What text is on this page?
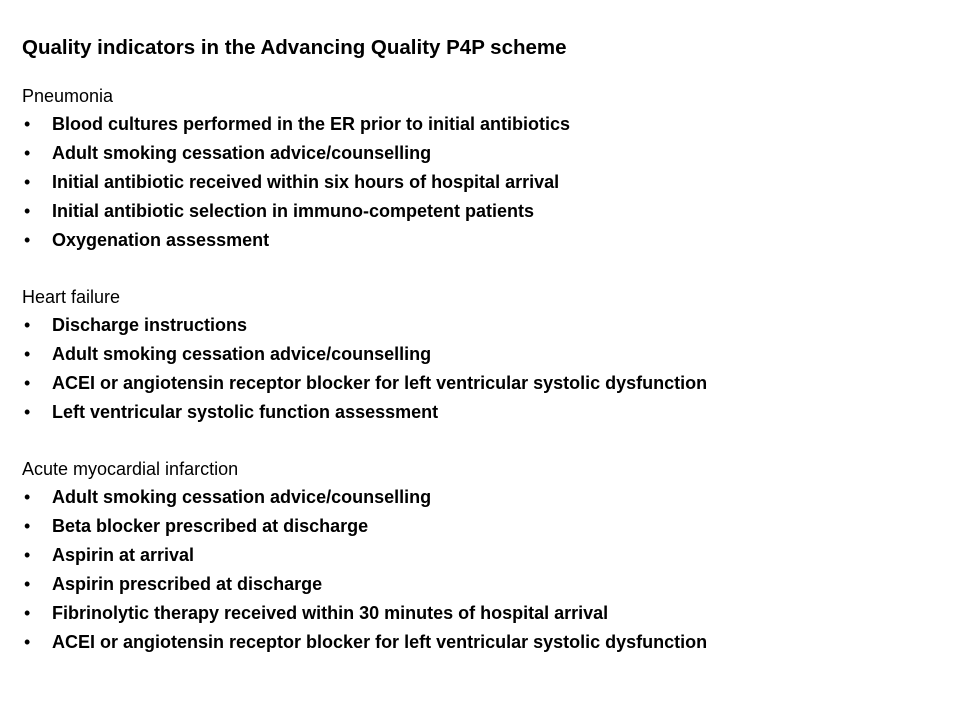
Quality indicators in the Advancing Quality P4P scheme

Pneumonia

• Blood cultures performed in the ER prior to initial antibiotics
• Adult smoking cessation advice/counselling
• Initial antibiotic received within six hours of hospital arrival
• Initial antibiotic selection in immuno-competent patients
• Oxygenation assessment

Heart failure

• Discharge instructions
• Adult smoking cessation advice/counselling
• ACEI or angiotensin receptor blocker for left ventricular systolic dysfunction
• Left ventricular systolic function assessment

Acute myocardial infarction

• Adult smoking cessation advice/counselling
• Beta blocker prescribed at discharge
• Aspirin at arrival
• Aspirin prescribed at discharge
• Fibrinolytic therapy received within 30 minutes of hospital arrival
• ACEI or angiotensin receptor blocker for left ventricular systolic dysfunction
